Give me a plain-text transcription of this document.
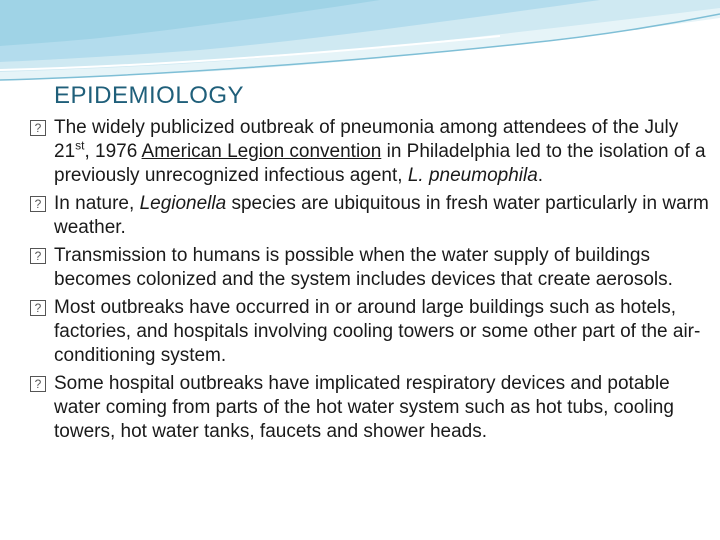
EPIDEMIOLOGY
? The widely publicized outbreak of pneumonia among attendees of the July 21st, 1976 American Legion convention in Philadelphia led to the isolation of a previously unrecognized infectious agent, L. pneumophila.
? In nature, Legionella species are ubiquitous in fresh water particularly in warm weather.
? Transmission to humans is possible when the water supply of buildings becomes colonized and the system includes devices that create aerosols.
? Most outbreaks have occurred in or around large buildings such as hotels, factories, and hospitals involving cooling towers or some other part of the air-conditioning system.
? Some hospital outbreaks have implicated respiratory devices and potable water coming from parts of the hot water system such as hot tubs, cooling towers, hot water tanks, faucets and shower heads.
